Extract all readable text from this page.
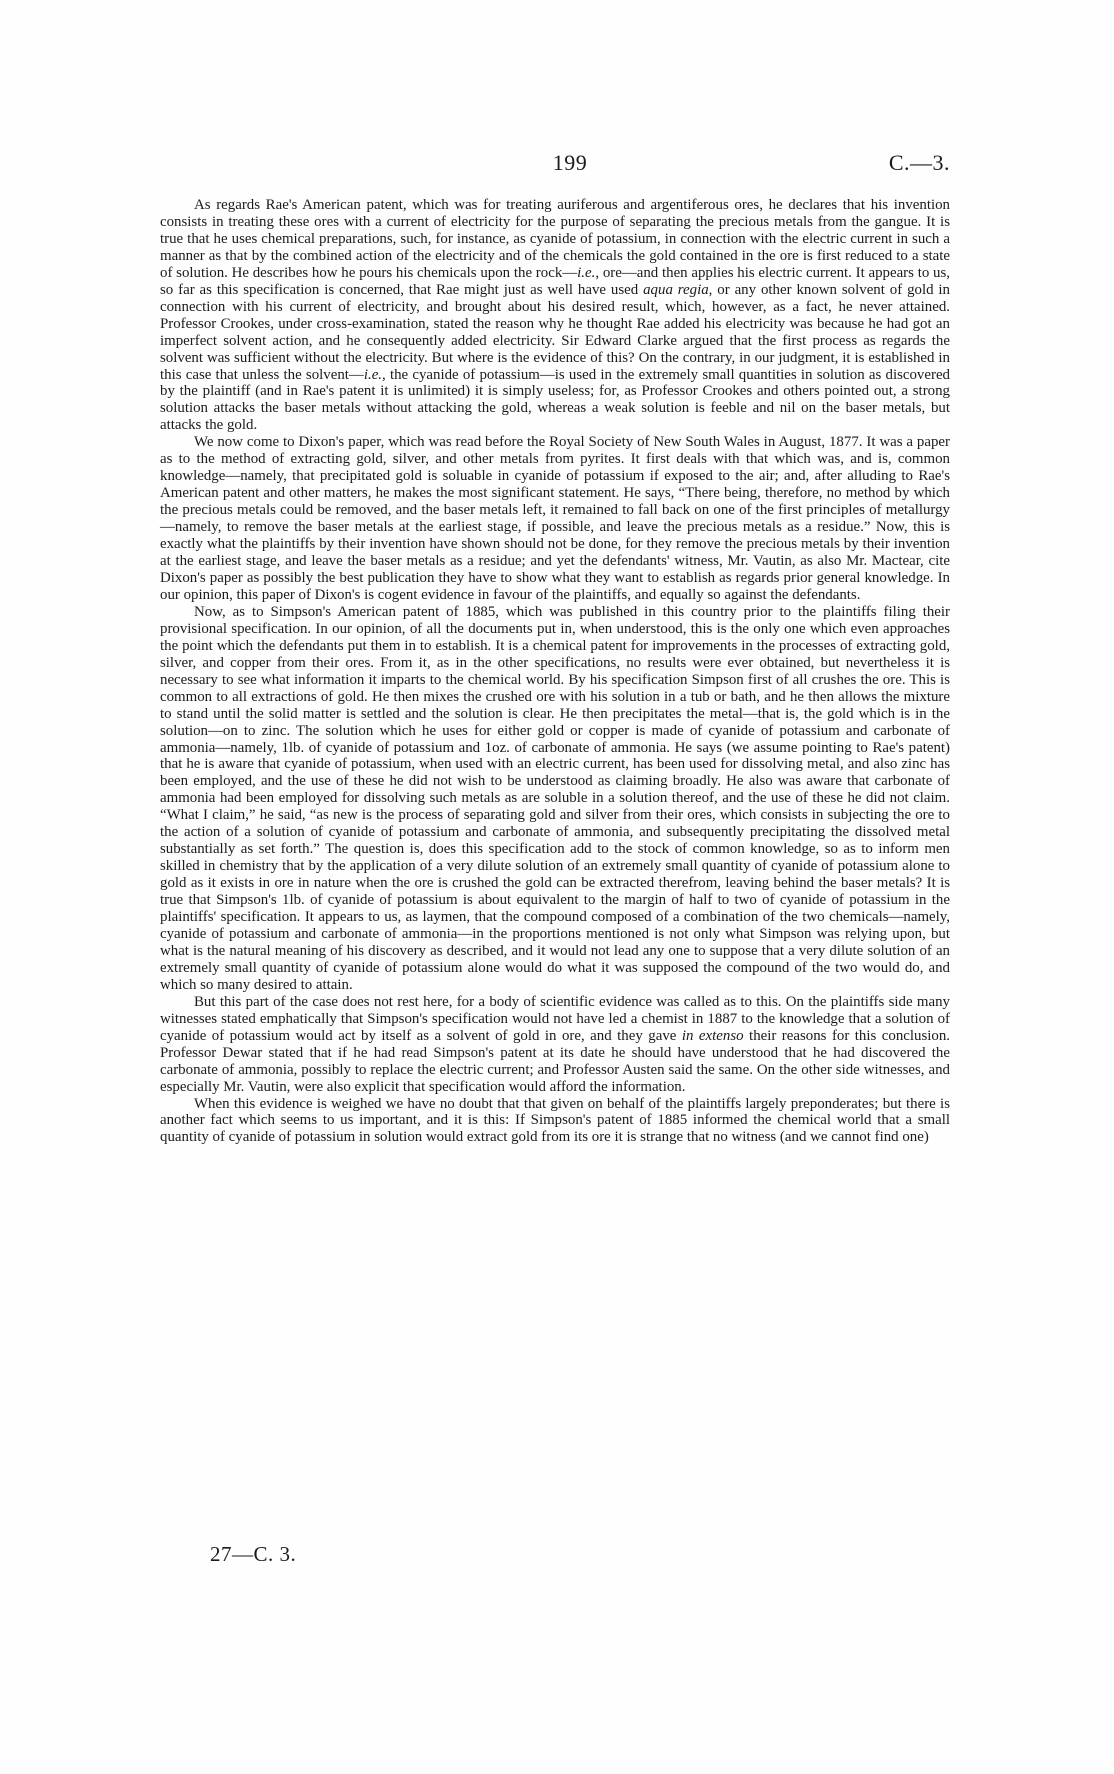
199	C.—3.

As regards Rae's American patent, which was for treating auriferous and argentiferous ores, he declares that his invention consists in treating these ores with a current of electricity for the purpose of separating the precious metals from the gangue. It is true that he uses chemical preparations, such, for instance, as cyanide of potassium, in connection with the electric current in such a manner as that by the combined action of the electricity and of the chemicals the gold contained in the ore is first reduced to a state of solution. He describes how he pours his chemicals upon the rock—i.e., ore—and then applies his electric current. It appears to us, so far as this specification is concerned, that Rae might just as well have used aqua regia, or any other known solvent of gold in connection with his current of electricity, and brought about his desired result, which, however, as a fact, he never attained. Professor Crookes, under cross-examination, stated the reason why he thought Rae added his electricity was because he had got an imperfect solvent action, and he consequently added electricity. Sir Edward Clarke argued that the first process as regards the solvent was sufficient without the electricity. But where is the evidence of this? On the contrary, in our judgment, it is established in this case that unless the solvent—i.e., the cyanide of potassium—is used in the extremely small quantities in solution as discovered by the plaintiff (and in Rae's patent it is unlimited) it is simply useless; for, as Professor Crookes and others pointed out, a strong solution attacks the baser metals without attacking the gold, whereas a weak solution is feeble and nil on the baser metals, but attacks the gold.

We now come to Dixon's paper, which was read before the Royal Society of New South Wales in August, 1877. It was a paper as to the method of extracting gold, silver, and other metals from pyrites. It first deals with that which was, and is, common knowledge—namely, that precipitated gold is soluable in cyanide of potassium if exposed to the air; and, after alluding to Rae's American patent and other matters, he makes the most significant statement. He says, “There being, therefore, no method by which the precious metals could be removed, and the baser metals left, it remained to fall back on one of the first principles of metallurgy—namely, to remove the baser metals at the earliest stage, if possible, and leave the precious metals as a residue.” Now, this is exactly what the plaintiffs by their invention have shown should not be done, for they remove the precious metals by their invention at the earliest stage, and leave the baser metals as a residue; and yet the defendants' witness, Mr. Vautin, as also Mr. Mactear, cite Dixon's paper as possibly the best publication they have to show what they want to establish as regards prior general knowledge. In our opinion, this paper of Dixon's is cogent evidence in favour of the plaintiffs, and equally so against the defendants.

Now, as to Simpson's American patent of 1885, which was published in this country prior to the plaintiffs filing their provisional specification. In our opinion, of all the documents put in, when understood, this is the only one which even approaches the point which the defendants put them in to establish. It is a chemical patent for improvements in the processes of extracting gold, silver, and copper from their ores. From it, as in the other specifications, no results were ever obtained, but nevertheless it is necessary to see what information it imparts to the chemical world. By his specification Simpson first of all crushes the ore. This is common to all extractions of gold. He then mixes the crushed ore with his solution in a tub or bath, and he then allows the mixture to stand until the solid matter is settled and the solution is clear. He then precipitates the metal—that is, the gold which is in the solution—on to zinc. The solution which he uses for either gold or copper is made of cyanide of potassium and carbonate of ammonia—namely, 1lb. of cyanide of potassium and 1oz. of carbonate of ammonia. He says (we assume pointing to Rae's patent) that he is aware that cyanide of potassium, when used with an electric current, has been used for dissolving metal, and also zinc has been employed, and the use of these he did not wish to be understood as claiming broadly. He also was aware that carbonate of ammonia had been employed for dissolving such metals as are soluble in a solution thereof, and the use of these he did not claim. “What I claim,” he said, “as new is the process of separating gold and silver from their ores, which consists in subjecting the ore to the action of a solution of cyanide of potassium and carbonate of ammonia, and subsequently precipitating the dissolved metal substantially as set forth.” The question is, does this specification add to the stock of common knowledge, so as to inform men skilled in chemistry that by the application of a very dilute solution of an extremely small quantity of cyanide of potassium alone to gold as it exists in ore in nature when the ore is crushed the gold can be extracted therefrom, leaving behind the baser metals? It is true that Simpson's 1lb. of cyanide of potassium is about equivalent to the margin of half to two of cyanide of potassium in the plaintiffs' specification. It appears to us, as laymen, that the compound composed of a combination of the two chemicals—namely, cyanide of potassium and carbonate of ammonia—in the proportions mentioned is not only what Simpson was relying upon, but what is the natural meaning of his discovery as described, and it would not lead any one to suppose that a very dilute solution of an extremely small quantity of cyanide of potassium alone would do what it was supposed the compound of the two would do, and which so many desired to attain.

But this part of the case does not rest here, for a body of scientific evidence was called as to this. On the plaintiffs side many witnesses stated emphatically that Simpson's specification would not have led a chemist in 1887 to the knowledge that a solution of cyanide of potassium would act by itself as a solvent of gold in ore, and they gave in extenso their reasons for this conclusion. Professor Dewar stated that if he had read Simpson's patent at its date he should have understood that he had discovered the carbonate of ammonia, possibly to replace the electric current; and Professor Austen said the same. On the other side witnesses, and especially Mr. Vautin, were also explicit that specification would afford the information.

When this evidence is weighed we have no doubt that that given on behalf of the plaintiffs largely preponderates; but there is another fact which seems to us important, and it is this: If Simpson's patent of 1885 informed the chemical world that a small quantity of cyanide of potassium in solution would extract gold from its ore it is strange that no witness (and we cannot find one)

27—C. 3.
